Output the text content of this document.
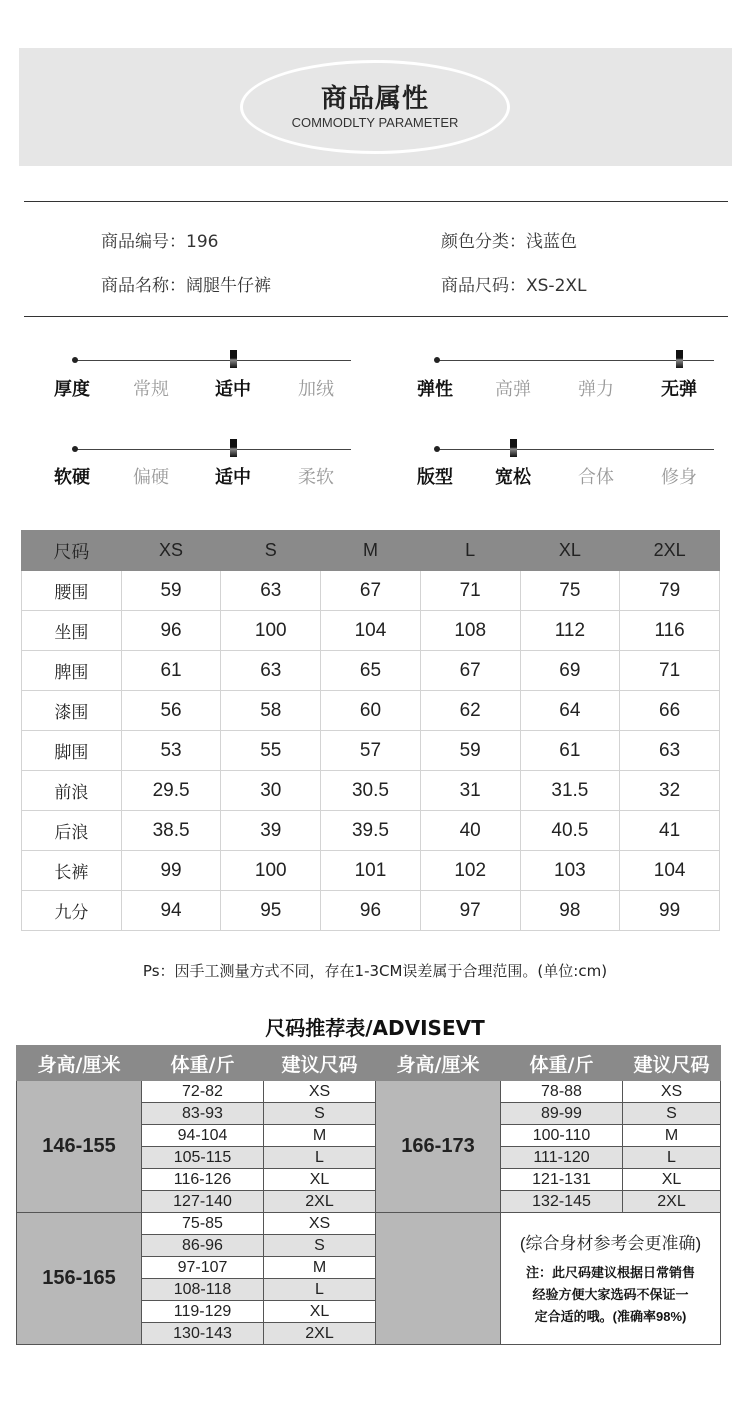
商品属性
COMMODLTY PARAMETER
商品编号：196	颜色分类：浅蓝色
商品名称：阔腿牛仔裤	商品尺码：XS-2XL
厚度	常规	适中	加绒	弹性	高弹	弹力	无弹
软硬	偏硬	适中	柔软	版型	宽松	合体	修身
尺码	XS	S	M	L	XL	2XL
腰围	59	63	67	71	75	79
坐围	96	100	104	108	112	116
脾围	61	63	65	67	69	71
漆围	56	58	60	62	64	66
脚围	53	55	57	59	61	63
前浪	29.5	30	30.5	31	31.5	32
后浪	38.5	39	39.5	40	40.5	41
长裤	99	100	101	102	103	104
九分	94	95	96	97	98	99
Ps：因手工测量方式不同，存在1-3CM误差属于合理范围。(单位:cm)
尺码推荐表/ADVISEVT
身高/厘米	体重/斤	建议尺码	身高/厘米	体重/斤	建议尺码
146-155	72-82	XS	166-173	78-88	XS
	83-93	S		89-99	S
	94-104	M		100-110	M
	105-115	L		111-120	L
	116-126	XL		121-131	XL
	127-140	2XL		132-145	2XL
156-165	75-85	XS		(综合身材参考会更准确)
注：此尺码建议根据日常销售
经验方便大家选码不保证一
定合适的哦。(准确率98%)	

	86-96	S			
	97-107	M			
	108-118	L			
	119-129	XL			
	130-143	2XL			
